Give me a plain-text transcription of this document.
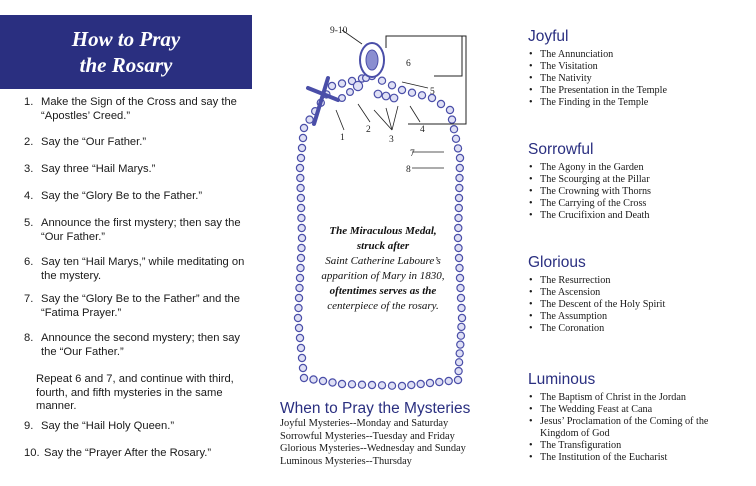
How to Pray
the Rosary
1. Make the Sign of the Cross and say the “Apostles’ Creed.”
2. Say the “Our Father.”
3. Say three “Hail Marys.”
4. Say the “Glory Be to the Father.”
5. Announce the first mystery; then say the “Our Father.”
6. Say ten “Hail Marys,” while meditating on the mystery.
7. Say the “Glory Be to the Father” and the “Fatima Prayer.”
8. Announce the second mystery; then say the “Our Father.”
Repeat 6 and 7, and continue with third, fourth, and fifth mysteries in the same manner.
9. Say the “Hail Holy Queen.”
10. Say the “Prayer After the Rosary.”
1
2
3
4
5
6
7
8
9-10
The Miraculous Medal,
struck after
Saint Catherine Laboure’s
apparition of Mary in 1830,
oftentimes serves as the
centerpiece of the rosary.
When to Pray the Mysteries
Joyful Mysteries--Monday and Saturday
Sorrowful Mysteries--Tuesday and Friday
Glorious Mysteries--Wednesday and Sunday
Luminous Mysteries--Thursday
Joyful
• The Annunciation
• The Visitation
• The Nativity
• The Presentation in the Temple
• The Finding in the Temple
Sorrowful
• The Agony in the Garden
• The Scourging at the Pillar
• The Crowning with Thorns
• The Carrying of the Cross
• The Crucifixion and Death
Glorious
• The Resurrection
• The Ascension
• The Descent of the Holy Spirit
• The Assumption
• The Coronation
Luminous
• The Baptism of Christ in the Jordan
• The Wedding Feast at Cana
• Jesus’ Proclamation of the Coming of the Kingdom of God
• The Transfiguration
• The Institution of the Eucharist
